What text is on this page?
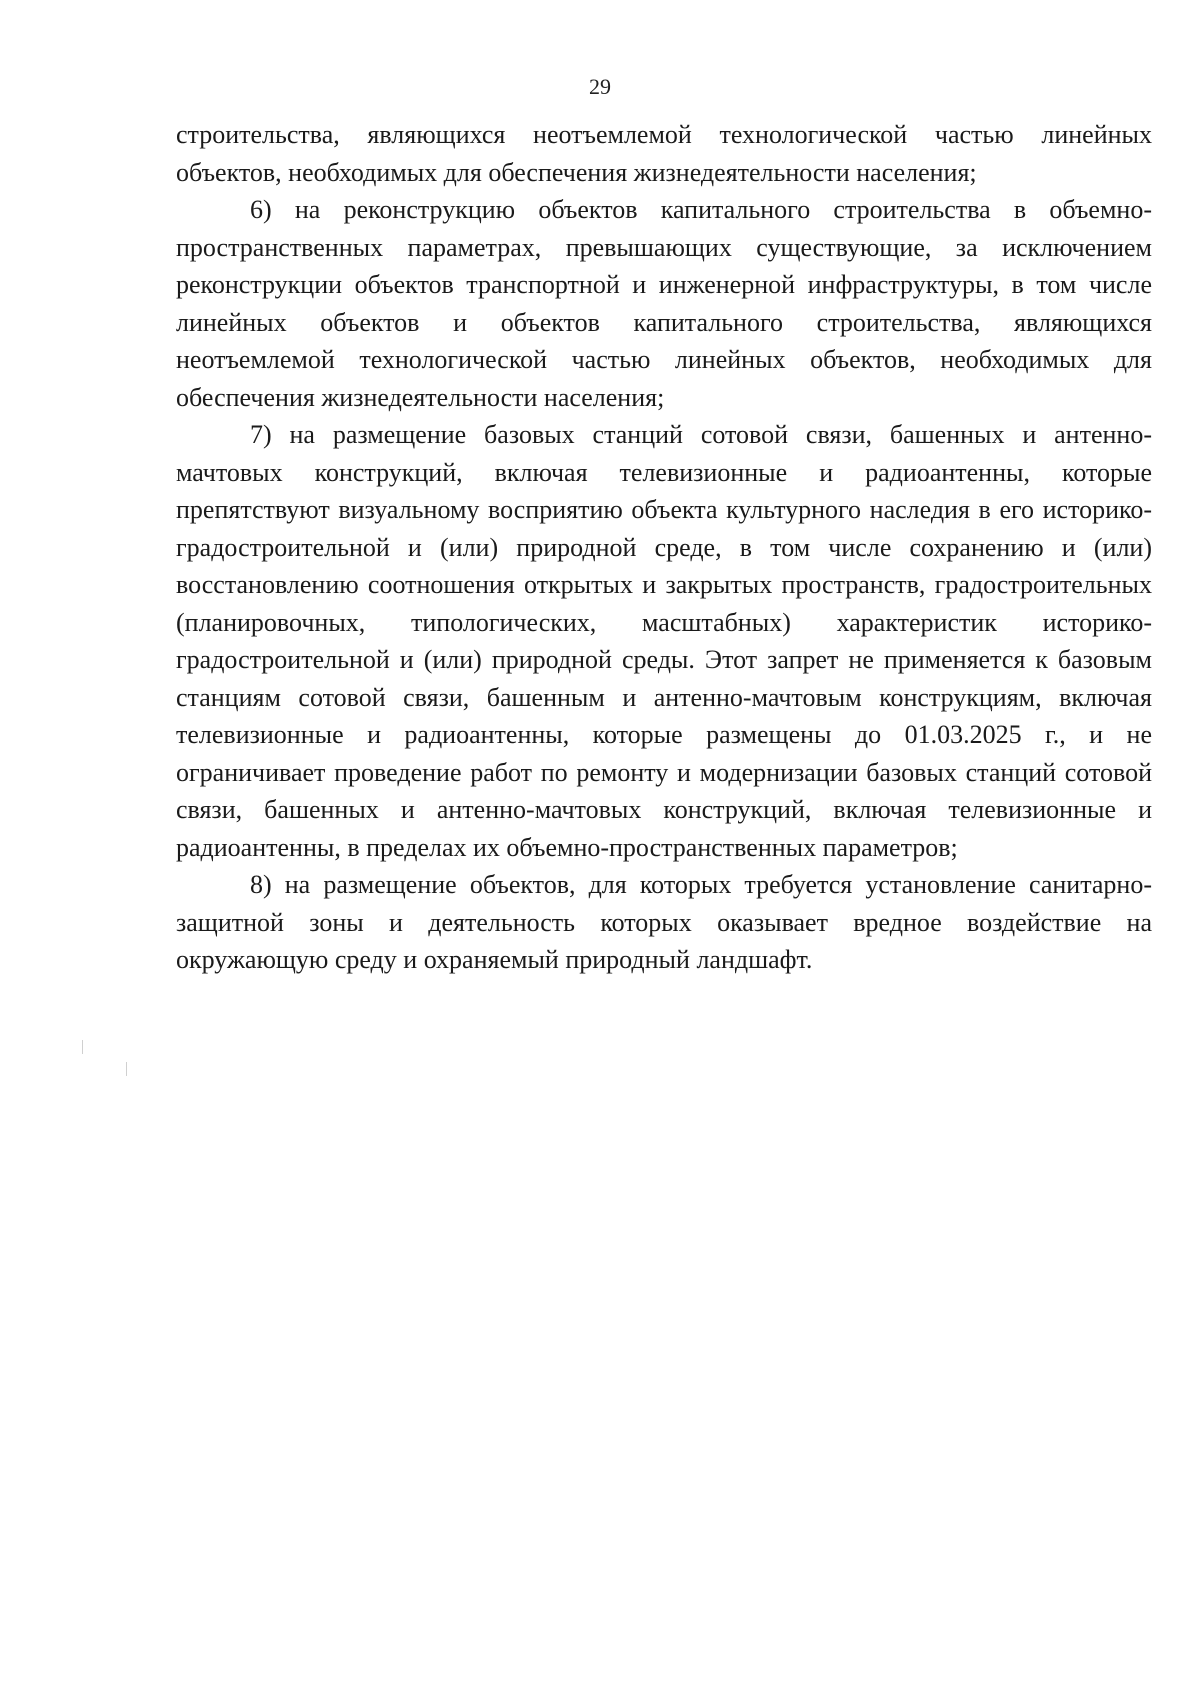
29

строительства, являющихся неотъемлемой технологической частью линейных объектов, необходимых для обеспечения жизнедеятельности населения;

6) на реконструкцию объектов капитального строительства в объемно-пространственных параметрах, превышающих существующие, за исключением реконструкции объектов транспортной и инженерной инфраструктуры, в том числе линейных объектов и объектов капитального строительства, являющихся неотъемлемой технологической частью линейных объектов, необходимых для обеспечения жизнедеятельности населения;

7) на размещение базовых станций сотовой связи, башенных и антенно-мачтовых конструкций, включая телевизионные и радиоантенны, которые препятствуют визуальному восприятию объекта культурного наследия в его историко-градостроительной и (или) природной среде, в том числе сохранению и (или) восстановлению соотношения открытых и закрытых пространств, градостроительных (планировочных, типологических, масштабных) характеристик историко-градостроительной и (или) природной среды. Этот запрет не применяется к базовым станциям сотовой связи, башенным и антенно-мачтовым конструкциям, включая телевизионные и радиоантенны, которые размещены до 01.03.2025 г., и не ограничивает проведение работ по ремонту и модернизации базовых станций сотовой связи, башенных и антенно-мачтовых конструкций, включая телевизионные и радиоантенны, в пределах их объемно-пространственных параметров;

8) на размещение объектов, для которых требуется установление санитарно-защитной зоны и деятельность которых оказывает вредное воздействие на окружающую среду и охраняемый природный ландшафт.
